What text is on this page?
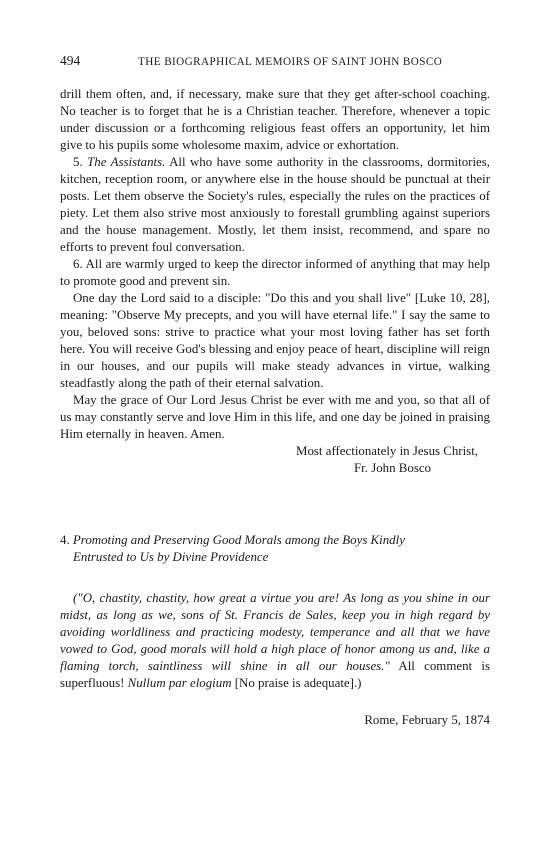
494	THE BIOGRAPHICAL MEMOIRS OF SAINT JOHN BOSCO

drill them often, and, if necessary, make sure that they get after-school coaching. No teacher is to forget that he is a Christian teacher. Therefore, whenever a topic under discussion or a forthcoming religious feast offers an opportunity, let him give to his pupils some wholesome maxim, advice or exhortation.

5. The Assistants. All who have some authority in the classrooms, dormitories, kitchen, reception room, or anywhere else in the house should be punctual at their posts. Let them observe the Society's rules, especially the rules on the practices of piety. Let them also strive most anxiously to forestall grumbling against superiors and the house management. Mostly, let them insist, recommend, and spare no efforts to prevent foul conversation.

6. All are warmly urged to keep the director informed of anything that may help to promote good and prevent sin.

One day the Lord said to a disciple: "Do this and you shall live" [Luke 10, 28], meaning: "Observe My precepts, and you will have eternal life." I say the same to you, beloved sons: strive to practice what your most loving father has set forth here. You will receive God's blessing and enjoy peace of heart, discipline will reign in our houses, and our pupils will make steady advances in virtue, walking steadfastly along the path of their eternal salvation.

May the grace of Our Lord Jesus Christ be ever with me and you, so that all of us may constantly serve and love Him in this life, and one day be joined in praising Him eternally in heaven. Amen.

Most affectionately in Jesus Christ,
Fr. John Bosco

4. Promoting and Preserving Good Morals among the Boys Kindly
Entrusted to Us by Divine Providence

("O, chastity, chastity, how great a virtue you are! As long as you shine in our midst, as long as we, sons of St. Francis de Sales, keep you in high regard by avoiding worldliness and practicing modesty, temperance and all that we have vowed to God, good morals will hold a high place of honor among us and, like a flaming torch, saintliness will shine in all our houses." All comment is superfluous! Nullum par elogium [No praise is adequate].)

Rome, February 5, 1874
